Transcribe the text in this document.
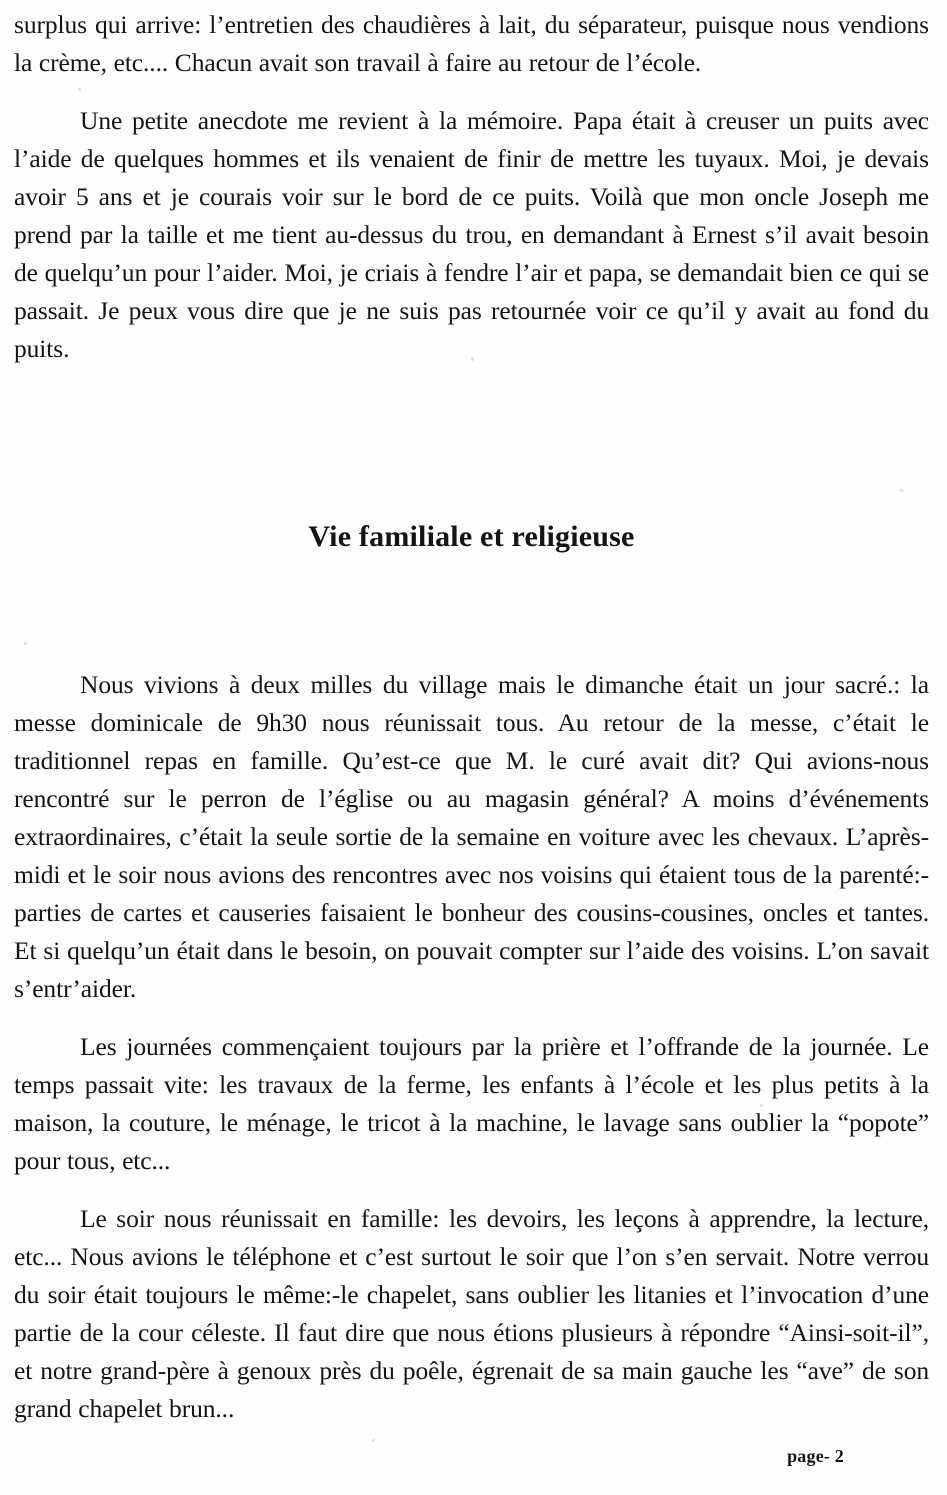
surplus qui arrive: l’entretien des chaudières à lait, du séparateur, puisque nous vendions la crème, etc.... Chacun avait son travail à faire au retour de l’école.

Une petite anecdote me revient à la mémoire. Papa était à creuser un puits avec l’aide de quelques hommes et ils venaient de finir de mettre les tuyaux. Moi, je devais avoir 5 ans et je courais voir sur le bord de ce puits. Voilà que mon oncle Joseph me prend par la taille et me tient au-dessus du trou, en demandant à Ernest s’il avait besoin de quelqu’un pour l’aider. Moi, je criais à fendre l’air et papa, se demandait bien ce qui se passait. Je peux vous dire que je ne suis pas retournée voir ce qu’il y avait au fond du puits.

Vie familiale et religieuse

Nous vivions à deux milles du village mais le dimanche était un jour sacré.: la messe dominicale de 9h30 nous réunissait tous. Au retour de la messe, c’était le traditionnel repas en famille. Qu’est-ce que M. le curé avait dit? Qui avions-nous rencontré sur le perron de l’église ou au magasin général? A moins d’événements extraordinaires, c’était la seule sortie de la semaine en voiture avec les chevaux. L’après-midi et le soir nous avions des rencontres avec nos voisins qui étaient tous de la parenté:-parties de cartes et causeries faisaient le bonheur des cousins-cousines, oncles et tantes. Et si quelqu’un était dans le besoin, on pouvait compter sur l’aide des voisins. L’on savait s’entr’aider.

Les journées commençaient toujours par la prière et l’offrande de la journée. Le temps passait vite: les travaux de la ferme, les enfants à l’école et les plus petits à la maison, la couture, le ménage, le tricot à la machine, le lavage sans oublier la “popote” pour tous, etc...

Le soir nous réunissait en famille: les devoirs, les leçons à apprendre, la lecture, etc... Nous avions le téléphone et c’est surtout le soir que l’on s’en servait. Notre verrou du soir était toujours le même:-le chapelet, sans oublier les litanies et l’invocation d’une partie de la cour céleste. Il faut dire que nous étions plusieurs à répondre “Ainsi-soit-il”, et notre grand-père à genoux près du poêle, égrenait de sa main gauche les “ave” de son grand chapelet brun...

page- 2
